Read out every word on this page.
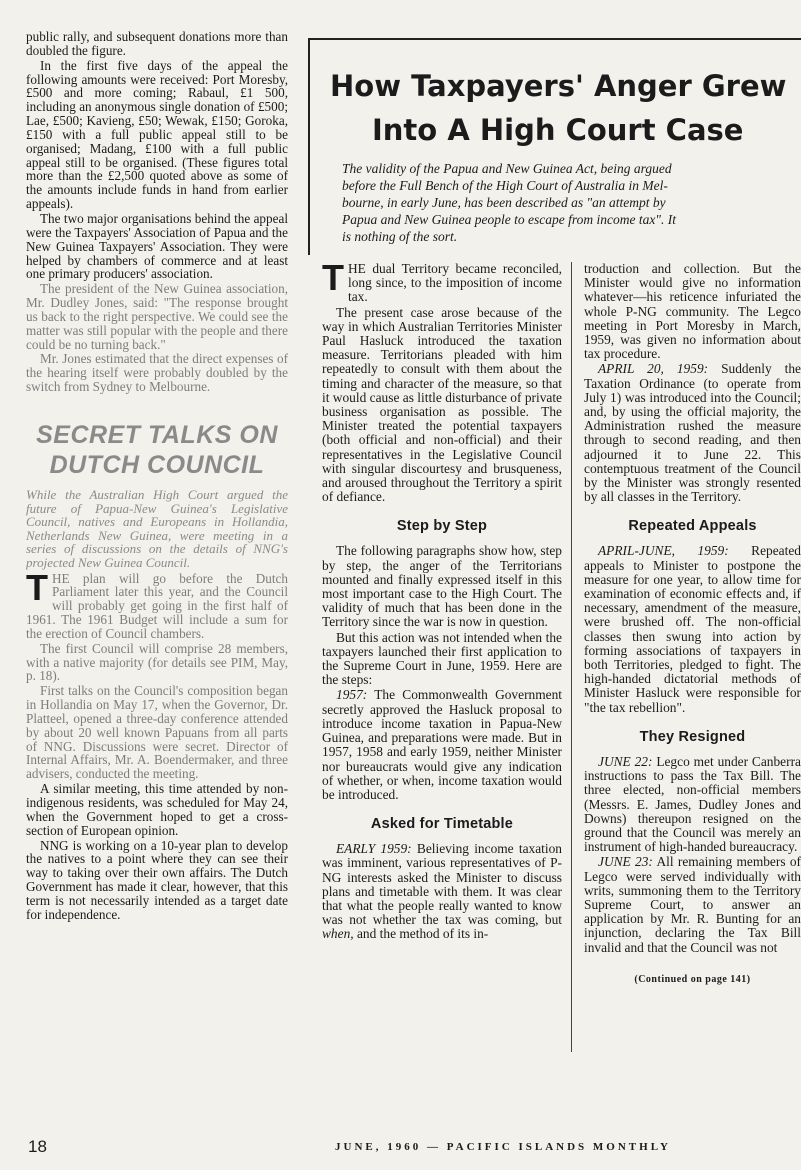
public rally, and subsequent donations more than doubled the figure.

In the first five days of the appeal the following amounts were received: Port Moresby, £500 and more coming; Rabaul, £1 500, including an anonymous single donation of £500; Lae, £500; Kavieng, £50; Wewak, £150; Goroka, £150 with a full public appeal still to be organised; Madang, £100 with a full public appeal still to be organised. (These figures total more than the £2,500 quoted above as some of the amounts include funds in hand from earlier appeals).

The two major organisations behind the appeal were the Taxpayers' Association of Papua and the New Guinea Taxpayers' Association. They were helped by chambers of commerce and at least one primary producers' association.

The president of the New Guinea association, Mr. Dudley Jones, said: "The response brought us back to the right perspective. We could see the matter was still popular with the people and there could be no turning back."

Mr. Jones estimated that the direct expenses of the hearing itself were probably doubled by the switch from Sydney to Melbourne.

SECRET TALKS ON
DUTCH COUNCIL
While the Australian High Court argued the future of Papua-New Guinea's Legislative Council, natives and Europeans in Hollandia, Netherlands New Guinea, were meeting in a series of discussions on the details of NNG's projected New Guinea Council.

THE plan will go before the Dutch Parliament later this year, and the Council will probably get going in the first half of 1961. The 1961 Budget will include a sum for the erection of Council chambers.

The first Council will comprise 28 members, with a native majority (for details see PIM, May, p. 18).

First talks on the Council's composition began in Hollandia on May 17, when the Governor, Dr. Platteel, opened a three-day conference attended by about 20 well known Papuans from all parts of NNG. Discussions were secret. Director of Internal Affairs, Mr. A. Boendermaker, and three advisers, conducted the meeting.

A similar meeting, this time attended by non-indigenous residents, was scheduled for May 24, when the Government hoped to get a cross-section of European opinion.

NNG is working on a 10-year plan to develop the natives to a point where they can see their way to taking over their own affairs. The Dutch Government has made it clear, however, that this term is not necessarily intended as a target date for independence.

How Taxpayers' Anger Grew
Into A High Court Case
The validity of the Papua and New Guinea Act, being argued
before the Full Bench of the High Court of Australia in Mel-
bourne, in early June, has been described as "an attempt by
Papua and New Guinea people to escape from income tax". It
is nothing of the sort.

THE dual Territory became reconciled, long since, to the imposition of income tax.

The present case arose because of the way in which Australian Territories Minister Paul Hasluck introduced the taxation measure. Territorians pleaded with him repeatedly to consult with them about the timing and character of the measure, so that it would cause as little disturbance of private business organisation as possible. The Minister treated the potential taxpayers (both official and non-official) and their representatives in the Legislative Council with singular discourtesy and brusqueness, and aroused throughout the Territory a spirit of defiance.

Step by Step

The following paragraphs show how, step by step, the anger of the Territorians mounted and finally expressed itself in this most important case to the High Court. The validity of much that has been done in the Territory since the war is now in question.

But this action was not intended when the taxpayers launched their first application to the Supreme Court in June, 1959. Here are the steps:

1957: The Commonwealth Government secretly approved the Hasluck proposal to introduce income taxation in Papua-New Guinea, and preparations were made. But in 1957, 1958 and early 1959, neither Minister nor bureaucrats would give any indication of whether, or when, income taxation would be introduced.

Asked for Timetable

EARLY 1959: Believing income taxation was imminent, various representatives of P-NG interests asked the Minister to discuss plans and timetable with them. It was clear that what the people really wanted to know was not whether the tax was coming, but when, and the method of its in-

troduction and collection. But the Minister would give no information whatever—his reticence infuriated the whole P-NG community. The Legco meeting in Port Moresby in March, 1959, was given no information about tax procedure.

APRIL 20, 1959: Suddenly the Taxation Ordinance (to operate from July 1) was introduced into the Council; and, by using the official majority, the Administration rushed the measure through to second reading, and then adjourned it to June 22. This contemptuous treatment of the Council by the Minister was strongly resented by all classes in the Territory.

Repeated Appeals

APRIL-JUNE, 1959: Repeated appeals to Minister to postpone the measure for one year, to allow time for examination of economic effects and, if necessary, amendment of the measure, were brushed off. The non-official classes then swung into action by forming associations of taxpayers in both Territories, pledged to fight. The high-handed dictatorial methods of Minister Hasluck were responsible for "the tax rebellion".

They Resigned

JUNE 22: Legco met under Canberra instructions to pass the Tax Bill. The three elected, non-official members (Messrs. E. James, Dudley Jones and Downs) thereupon resigned on the ground that the Council was merely an instrument of high-handed bureaucracy.

JUNE 23: All remaining members of Legco were served individually with writs, summoning them to the Territory Supreme Court, to answer an application by Mr. R. Bunting for an injunction, declaring the Tax Bill invalid and that the Council was not

(Continued on page 141)

18	JUNE, 1960 — PACIFIC ISLANDS MONTHLY
